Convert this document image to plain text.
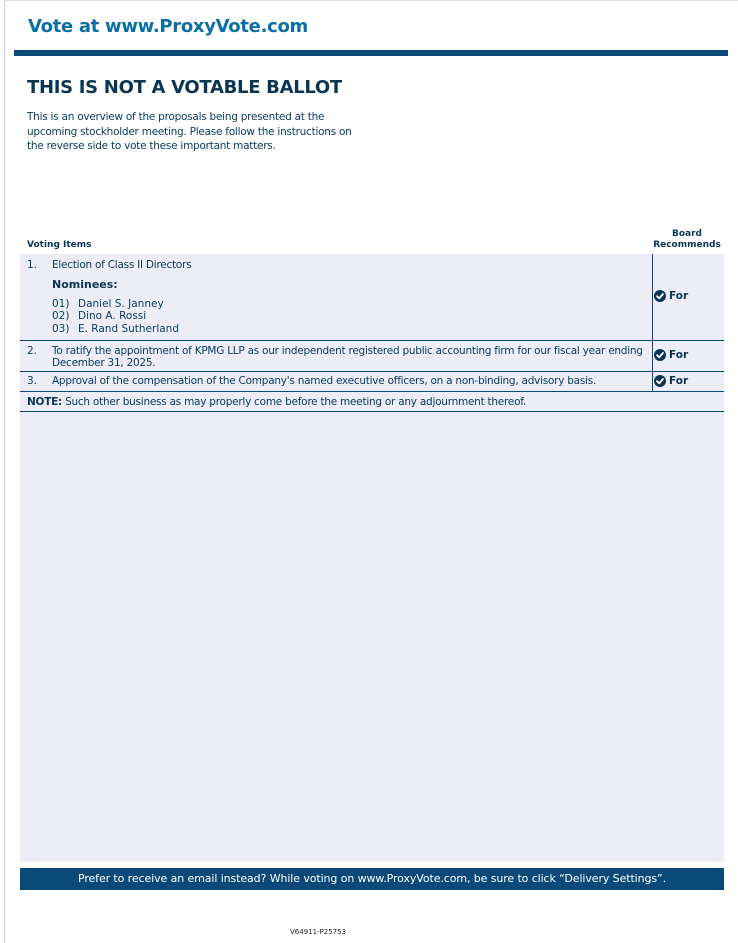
Vote at www.ProxyVote.com
THIS IS NOT A VOTABLE BALLOT
This is an overview of the proposals being presented at the
upcoming stockholder meeting. Please follow the instructions on
the reverse side to vote these important matters.
Voting Items
Board
Recommends
1. Election of Class II Directors
Nominees:
01) Daniel S. Janney
02) Dino A. Rossi
03) E. Rand Sutherland
For
2. To ratify the appointment of KPMG LLP as our independent registered public accounting firm for our fiscal year ending
December 31, 2025.
For
3. Approval of the compensation of the Company's named executive officers, on a non-binding, advisory basis.	For
NOTE: Such other business as may properly come before the meeting or any adjournment thereof.
Prefer to receive an email instead? While voting on www.ProxyVote.com, be sure to click “Delivery Settings”.
V64911-P25753
